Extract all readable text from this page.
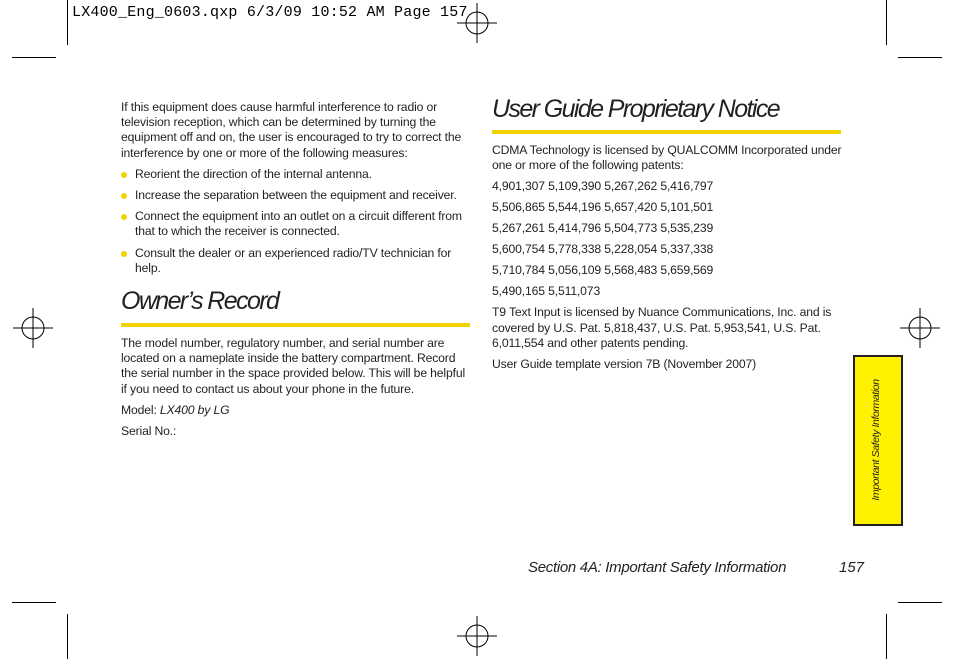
LX400_Eng_0603.qxp 6/3/09 10:52 AM Page 157

If this equipment does cause harmful interference to radio or television reception, which can be determined by turning the equipment off and on, the user is encouraged to try to correct the interference by one or more of the following measures:

Reorient the direction of the internal antenna.
Increase the separation between the equipment and receiver.
Connect the equipment into an outlet on a circuit different from that to which the receiver is connected.
Consult the dealer or an experienced radio/TV technician for help.
Owner’s Record

The model number, regulatory number, and serial number are located on a nameplate inside the battery compartment. Record the serial number in the space provided below. This will be helpful if you need to contact us about your phone in the future.

Model: LX400 by LG

Serial No.:

User Guide Proprietary Notice

CDMA Technology is licensed by QUALCOMM Incorporated under one or more of the following patents:

4,901,307 5,109,390 5,267,262 5,416,797
5,506,865 5,544,196 5,657,420 5,101,501
5,267,261 5,414,796 5,504,773 5,535,239
5,600,754 5,778,338 5,228,054 5,337,338
5,710,784 5,056,109 5,568,483 5,659,569
5,490,165 5,511,073

T9 Text Input is licensed by Nuance Communications, Inc. and is covered by U.S. Pat. 5,818,437, U.S. Pat. 5,953,541, U.S. Pat. 6,011,554 and other patents pending.

User Guide template version 7B (November 2007)

Important Safety Information
Section 4A: Important Safety Information	157
